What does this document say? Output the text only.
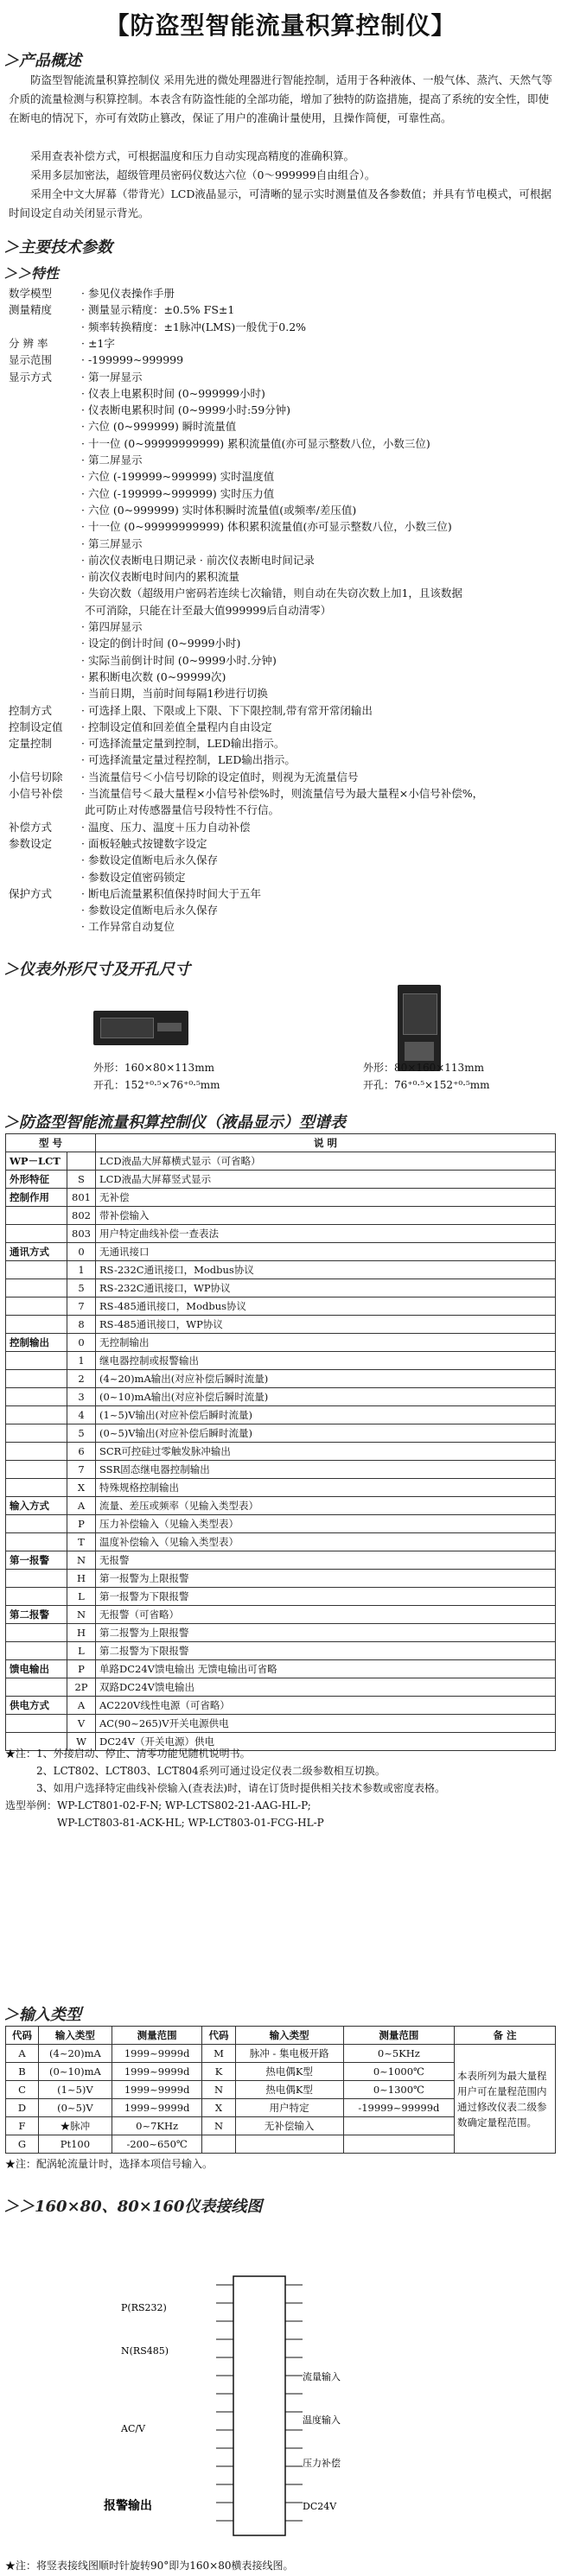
【防盗型智能流量积算控制仪】
＞产品概述
防盗型智能流量积算控制仪 采用先进的微处理器进行智能控制，适用于各种液体、一般气体、蒸汽、天然气等介质的流量检测与积算控制。本表含有防盗性能的全部功能，增加了独特的防盗措施，提高了系统的安全性，即使在断电的情况下，亦可有效防止篡改，保证了用户的准确计量使用，且操作简便，可靠性高。
采用查表补偿方式，可根据温度和压力自动实现高精度的准确积算。
采用多层加密法，超级管理员密码仪数达六位（0～999999自由组合）。
采用全中文大屏幕（带背光）LCD液晶显示，可清晰的显示实时测量值及各参数值；并具有节电模式，可根据时间设定自动关闭显示背光。
＞主要技术参数
＞＞特性
数学模型	· 参见仪表操作手册
测量精度	· 测量显示精度：±0.5% FS±1
· 频率转换精度：±1脉冲(LMS)一般优于0.2%
分 辨 率	· ±1字
显示范围	· -199999~999999
显示方式	· 第一屏显示
· 仪表上电累积时间 (0~999999小时)
· 仪表断电累积时间 (0~9999小时:59分钟)
· 六位 (0~999999) 瞬时流量值
· 十一位 (0~99999999999) 累积流量值(亦可显示整数八位，小数三位)
· 第二屏显示
· 六位 (-199999~999999) 实时温度值
· 六位 (-199999~999999) 实时压力值
· 六位 (0~999999) 实时体积瞬时流量值(或频率/差压值)
· 十一位 (0~99999999999) 体积累积流量值(亦可显示整数八位，小数三位)
· 第三屏显示
· 前次仪表断电日期记录 · 前次仪表断电时间记录
· 前次仪表断电时间内的累积流量
· 失窃次数（超级用户密码若连续七次输错，则自动在失窃次数上加1，且该数据
不可消除，只能在计至最大值999999后自动清零）
· 第四屏显示
· 设定的倒计时间 (0~9999小时)
· 实际当前倒计时间 (0~9999小时.分钟)
· 累积断电次数 (0~99999次)
· 当前日期，当前时间每隔1秒进行切换
控制方式	· 可选择上限、下限或上下限、下下限控制,带有常开常闭输出
控制设定值 · 控制设定值和回差值全量程内自由设定
定量控制	· 可选择流量定量到控制，LED输出指示。
· 可选择流量定量过程控制，LED输出指示。
小信号切除 · 当流量信号＜小信号切除的设定值时，则视为无流量信号
小信号补偿 · 当流量信号＜最大量程×小信号补偿%时，则流量信号为最大量程×小信号补偿%，
此可防止对传感器量信号段特性不行信。
补偿方式	· 温度、压力、温度＋压力自动补偿
参数设定	· 面板轻触式按键数字设定
· 参数设定值断电后永久保存
· 参数设定值密码锁定
保护方式	· 断电后流量累积值保持时间大于五年
· 参数设定值断电后永久保存
· 工作异常自动复位
＞仪表外形尺寸及开孔尺寸
外形：160×80×113mm
开孔：152⁺⁰·⁵×76⁺⁰·⁵mm
外形：80×160×113mm
开孔：76⁺⁰·⁵×152⁺⁰·⁵mm
＞防盗型智能流量积算控制仪（液晶显示）型谱表
型 号		说 明
WP－LCT		LCD液晶大屏幕横式显示（可省略）
外形特征	S	LCD液晶大屏幕竖式显示
控制作用	801	无补偿
	802	带补偿输入
	803	用户特定曲线补偿一查表法
通讯方式	0	无通讯接口
	1	RS-232C通讯接口，Modbus协议
	5	RS-232C通讯接口，WP协议
	7	RS-485通讯接口，Modbus协议
	8	RS-485通讯接口，WP协议
控制输出	0	无控制输出
	1	继电器控制或报警输出
	2	(4~20)mA输出(对应补偿后瞬时流量)
	3	(0~10)mA输出(对应补偿后瞬时流量)
	4	(1~5)V输出(对应补偿后瞬时流量)
	5	(0~5)V输出(对应补偿后瞬时流量)
	6	SCR可控硅过零触发脉冲输出
	7	SSR固态继电器控制输出
	X	特殊规格控制输出
输入方式	A	流量、差压或频率（见输入类型表）
	P	压力补偿输入（见输入类型表）
	T	温度补偿输入（见输入类型表）
第一报警	N	无报警
	H	第一报警为上限报警
	L	第一报警为下限报警
第二报警	N	无报警（可省略）
	H	第二报警为上限报警
	L	第二报警为下限报警
馈电输出	P	单路DC24V馈电输出 无馈电输出可省略
	2P	双路DC24V馈电输出
供电方式	A	AC220V线性电源（可省略）
	V	AC(90~265)V开关电源供电
	W	DC24V（开关电源）供电
★注：1、外接启动、停止、清零功能见随机说明书。
　　　2、LCT802、LCT803、LCT804系列可通过设定仪表二级参数相互切换。
　　　3、如用户选择特定曲线补偿输入(查表法)时，请在订货时提供相关技术参数或密度表格。
选型举例：WP-LCT801-02-F-N; WP-LCTS802-21-AAG-HL-P;
　　　　　WP-LCT803-81-ACK-HL; WP-LCT803-01-FCG-HL-P
＞输入类型
代码	输入类型	测量范围	代码	输入类型	测量范围	备 注
A	(4~20)mA	1999~9999d	M	脉冲 - 集电极开路	0~5KHz	本表所列为最大量程用户可在量程范围内通过修改仪表二级参数确定量程范围。
B	(0~10)mA	1999~9999d	K	热电偶K型	0~1000℃	
C	(1~5)V	1999~9999d	N	热电偶K型	0~1300℃	
D	(0~5)V	1999~9999d	X	用户特定	-19999~99999d	
F	★脉冲	0~7KHz	N	无补偿输入		
G	Pt100	-200~650℃				
★注：配涡轮流量计时，选择本项信号输入。
＞＞160×80、80×160仪表接线图
P(RS232)
N(RS485)
流量输入
温度输入
压力补偿
AC/V
报警输出	DC24V
★注：将竖表接线图顺时针旋转90°即为160×80横表接线图。
